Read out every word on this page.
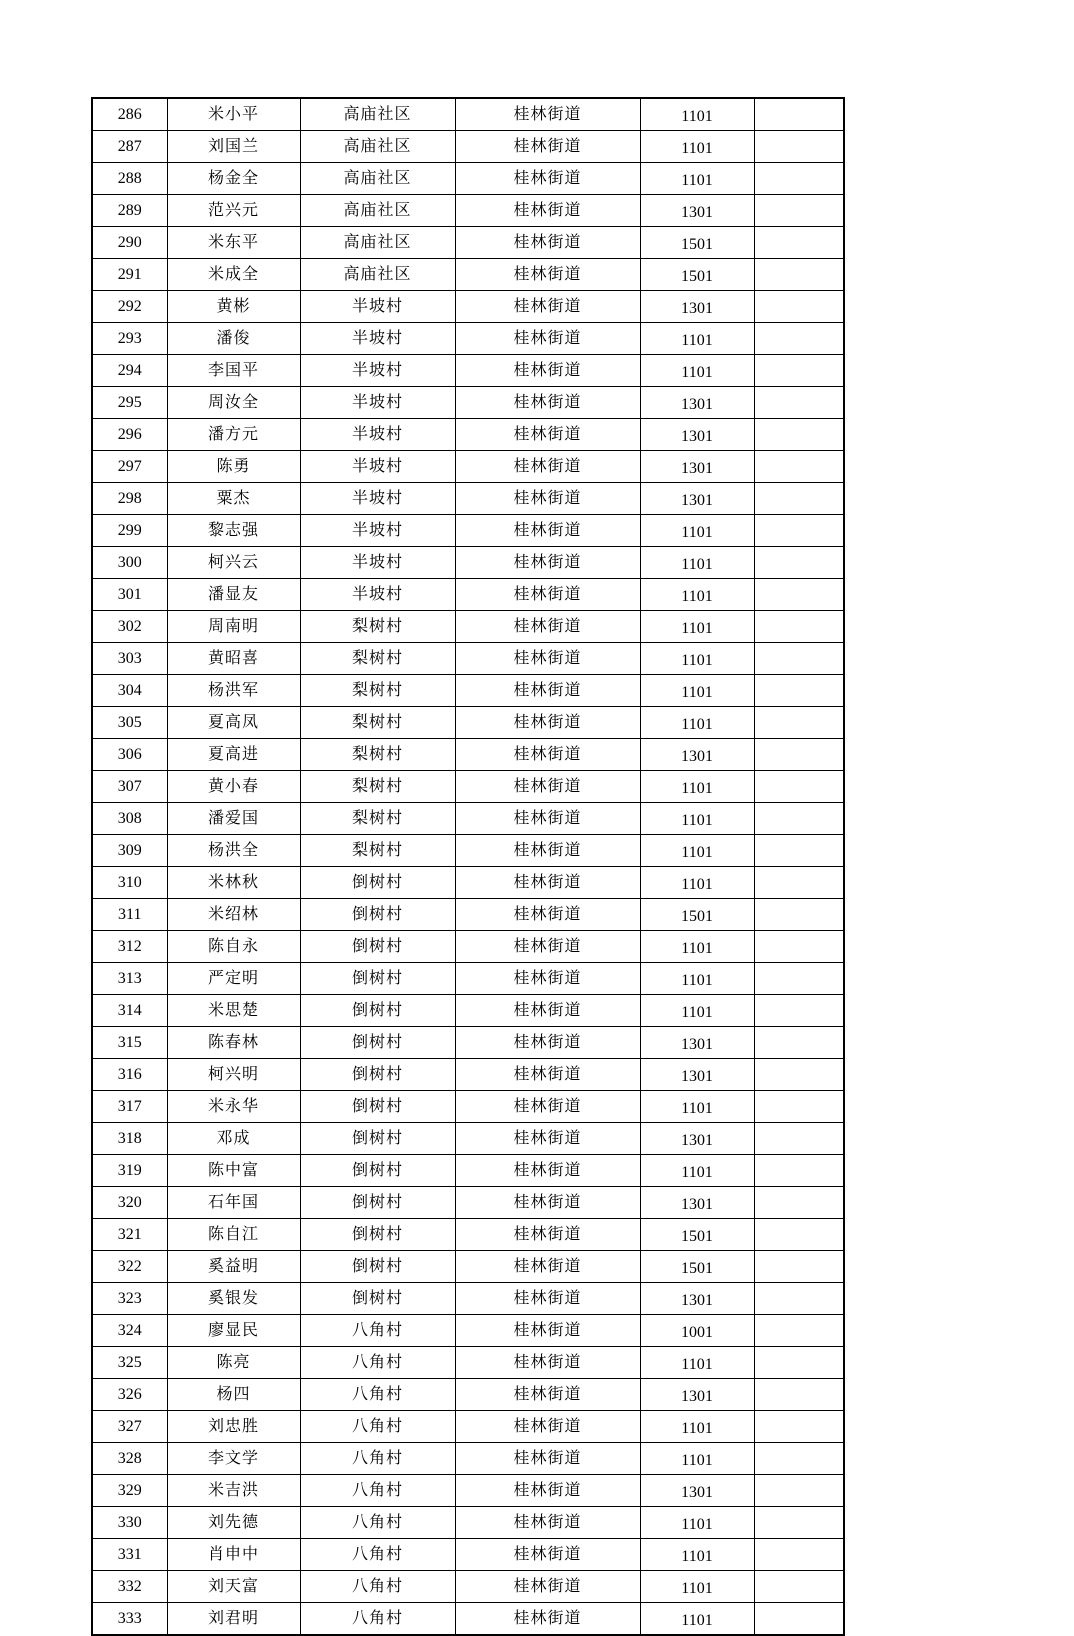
286	米小平	高庙社区	桂林街道	1101	
287	刘国兰	高庙社区	桂林街道	1101	
288	杨金全	高庙社区	桂林街道	1101	
289	范兴元	高庙社区	桂林街道	1301	
290	米东平	高庙社区	桂林街道	1501	
291	米成全	高庙社区	桂林街道	1501	
292	黄彬	半坡村	桂林街道	1301	
293	潘俊	半坡村	桂林街道	1101	
294	李国平	半坡村	桂林街道	1101	
295	周汝全	半坡村	桂林街道	1301	
296	潘方元	半坡村	桂林街道	1301	
297	陈勇	半坡村	桂林街道	1301	
298	粟杰	半坡村	桂林街道	1301	
299	黎志强	半坡村	桂林街道	1101	
300	柯兴云	半坡村	桂林街道	1101	
301	潘显友	半坡村	桂林街道	1101	
302	周南明	梨树村	桂林街道	1101	
303	黄昭喜	梨树村	桂林街道	1101	
304	杨洪军	梨树村	桂林街道	1101	
305	夏高凤	梨树村	桂林街道	1101	
306	夏高进	梨树村	桂林街道	1301	
307	黄小春	梨树村	桂林街道	1101	
308	潘爱国	梨树村	桂林街道	1101	
309	杨洪全	梨树村	桂林街道	1101	
310	米林秋	倒树村	桂林街道	1101	
311	米绍林	倒树村	桂林街道	1501	
312	陈自永	倒树村	桂林街道	1101	
313	严定明	倒树村	桂林街道	1101	
314	米思楚	倒树村	桂林街道	1101	
315	陈春林	倒树村	桂林街道	1301	
316	柯兴明	倒树村	桂林街道	1301	
317	米永华	倒树村	桂林街道	1101	
318	邓成	倒树村	桂林街道	1301	
319	陈中富	倒树村	桂林街道	1101	
320	石年国	倒树村	桂林街道	1301	
321	陈自江	倒树村	桂林街道	1501	
322	奚益明	倒树村	桂林街道	1501	
323	奚银发	倒树村	桂林街道	1301	
324	廖显民	八角村	桂林街道	1001	
325	陈亮	八角村	桂林街道	1101	
326	杨四	八角村	桂林街道	1301	
327	刘忠胜	八角村	桂林街道	1101	
328	李文学	八角村	桂林街道	1101	
329	米吉洪	八角村	桂林街道	1301	
330	刘先德	八角村	桂林街道	1101	
331	肖申中	八角村	桂林街道	1101	
332	刘天富	八角村	桂林街道	1101	
333	刘君明	八角村	桂林街道	1101	
